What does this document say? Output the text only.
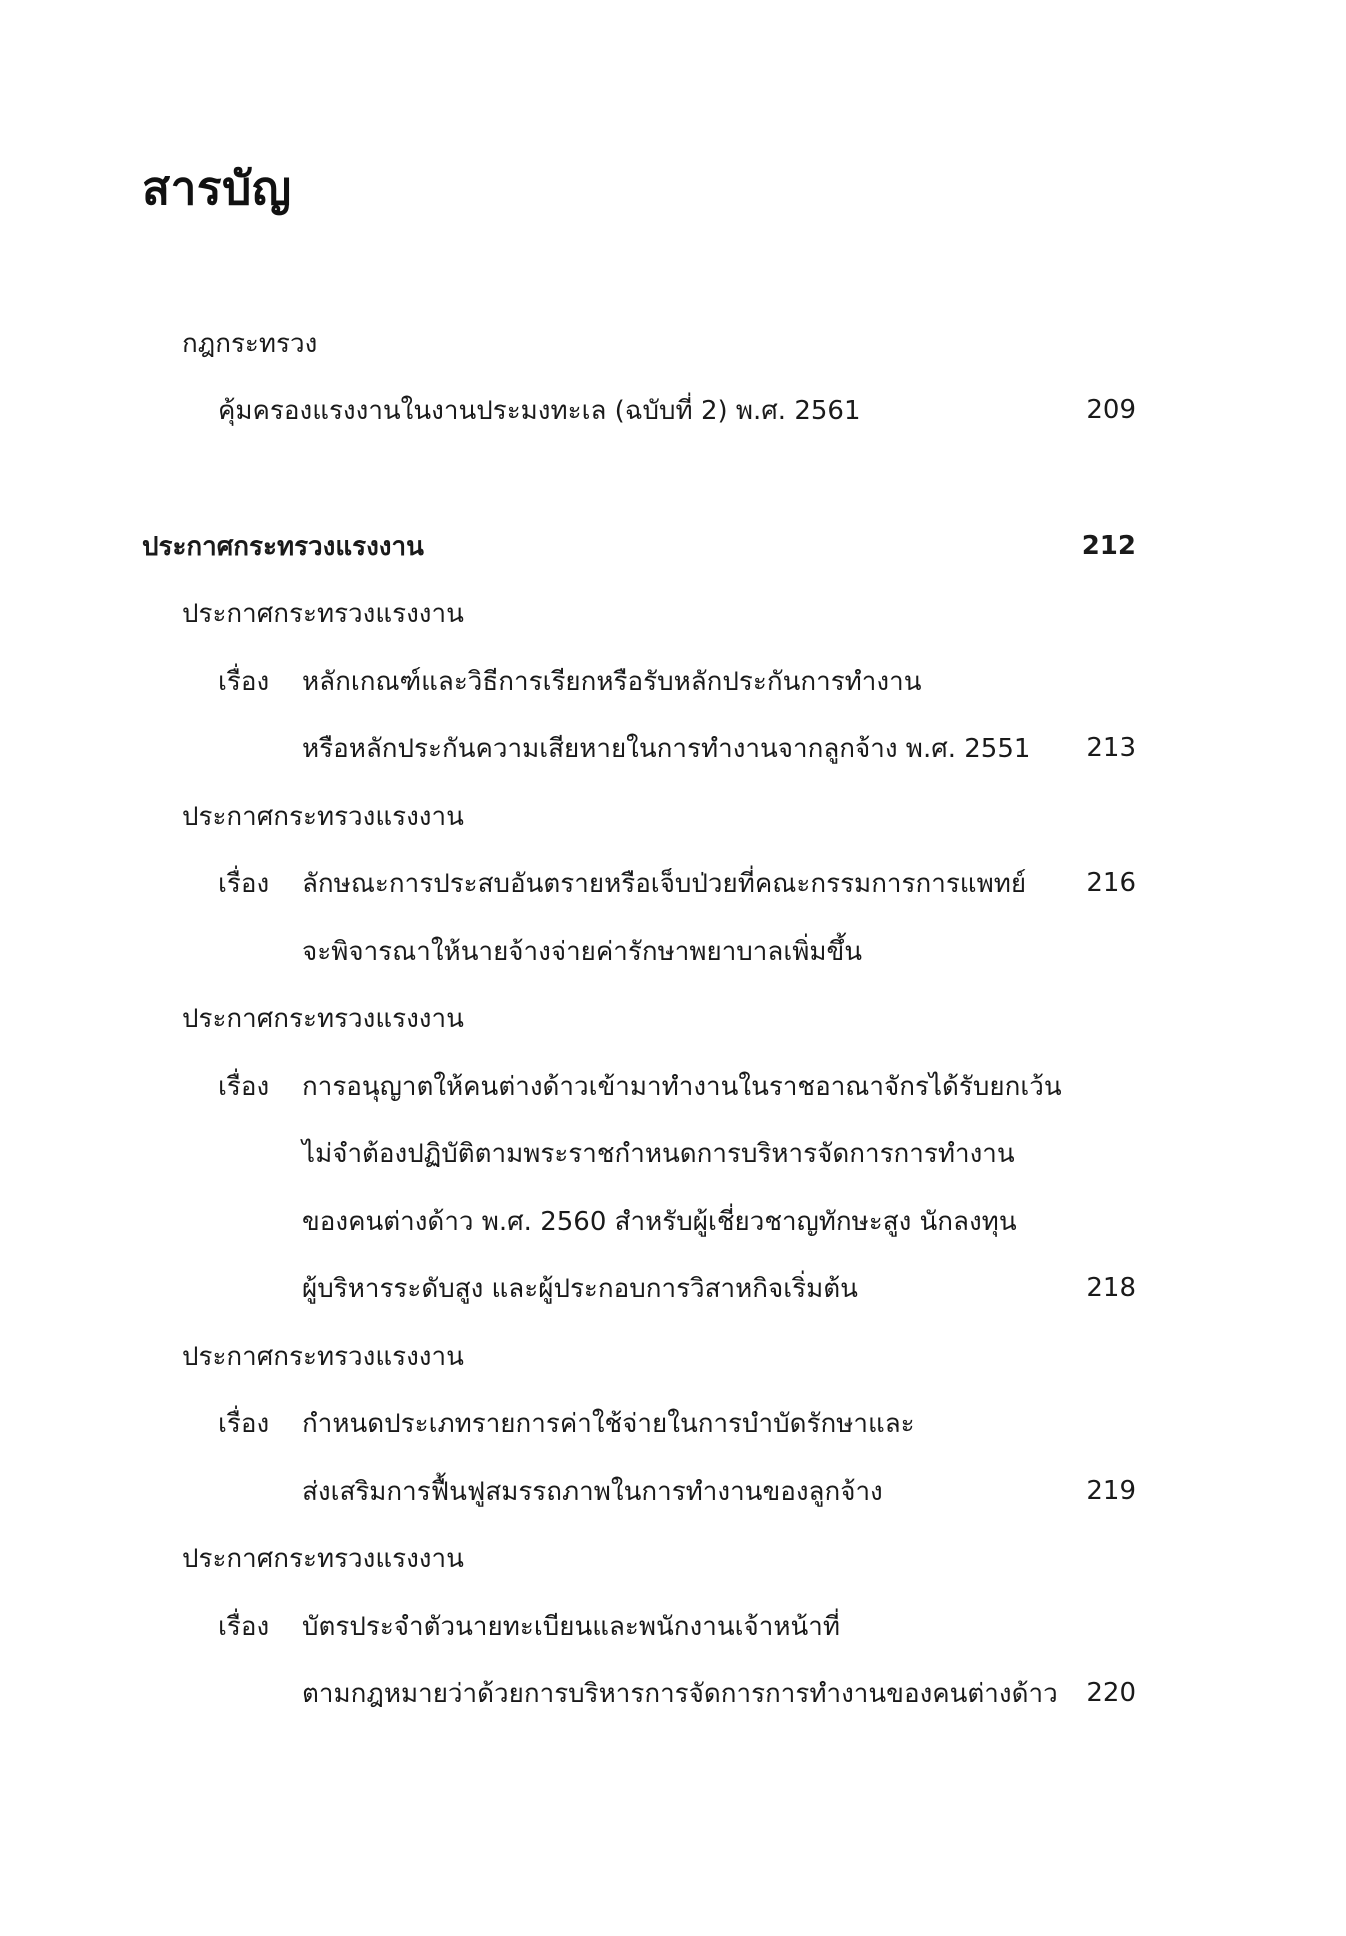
สารบัญ
กฎกระทรวง
คุ้มครองแรงงานในงานประมงทะเล (ฉบับที่ 2) พ.ศ. 2561	209
ประกาศกระทรวงแรงงาน	212
ประกาศกระทรวงแรงงาน
เรื่อง หลักเกณฑ์และวิธีการเรียกหรือรับหลักประกันการทำงาน
หรือหลักประกันความเสียหายในการทำงานจากลูกจ้าง พ.ศ. 2551 213
ประกาศกระทรวงแรงงาน
เรื่อง ลักษณะการประสบอันตรายหรือเจ็บป่วยที่คณะกรรมการการแพทย์ 216
จะพิจารณาให้นายจ้างจ่ายค่ารักษาพยาบาลเพิ่มขึ้น
ประกาศกระทรวงแรงงาน
เรื่อง การอนุญาตให้คนต่างด้าวเข้ามาทำงานในราชอาณาจักรได้รับยกเว้น
ไม่จำต้องปฏิบัติตามพระราชกำหนดการบริหารจัดการการทำงาน
ของคนต่างด้าว พ.ศ. 2560 สำหรับผู้เชี่ยวชาญทักษะสูง นักลงทุน
ผู้บริหารระดับสูง และผู้ประกอบการวิสาหกิจเริ่มต้น	218
ประกาศกระทรวงแรงงาน
เรื่อง กำหนดประเภทรายการค่าใช้จ่ายในการบำบัดรักษาและ
ส่งเสริมการฟื้นฟูสมรรถภาพในการทำงานของลูกจ้าง	219
ประกาศกระทรวงแรงงาน
เรื่อง บัตรประจำตัวนายทะเบียนและพนักงานเจ้าหน้าที่
ตามกฎหมายว่าด้วยการบริหารการจัดการการทำงานของคนต่างด้าว 220
